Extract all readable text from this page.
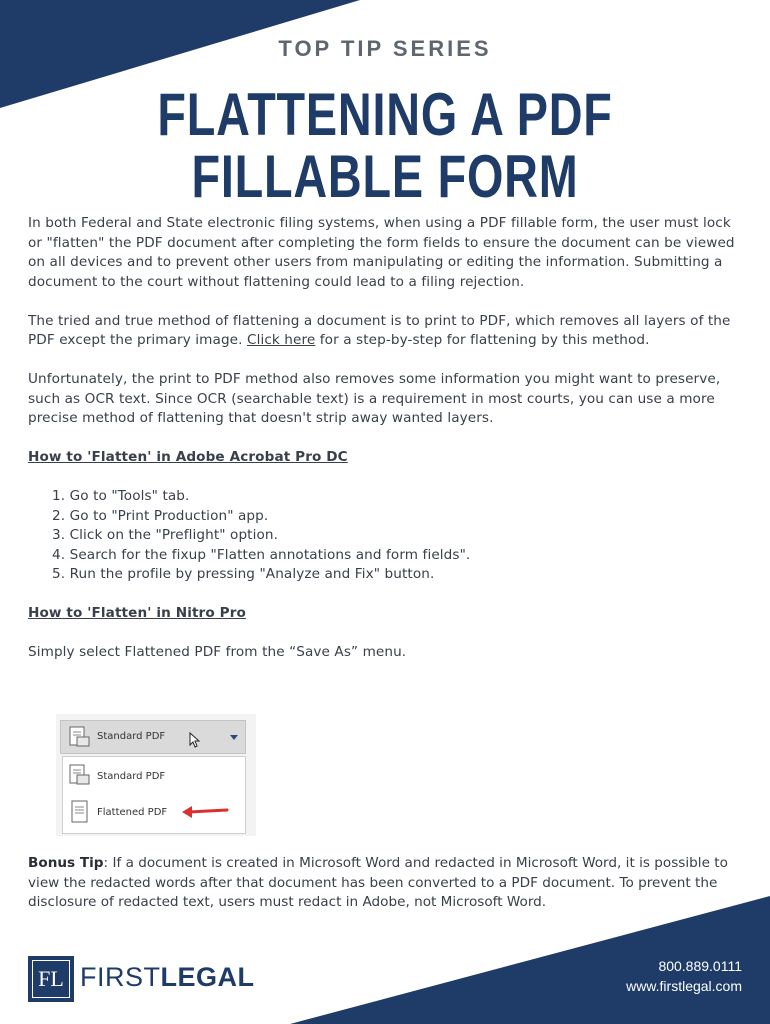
TOP TIP SERIES
FLATTENING A PDF
FILLABLE FORM

In both Federal and State electronic filing systems, when using a PDF fillable form, the user must lock or "flatten" the PDF document after completing the form fields to ensure the document can be viewed on all devices and to prevent other users from manipulating or editing the information. Submitting a document to the court without flattening could lead to a filing rejection.

The tried and true method of flattening a document is to print to PDF, which removes all layers of the PDF except the primary image. Click here for a step-by-step for flattening by this method.

Unfortunately, the print to PDF method also removes some information you might want to preserve, such as OCR text. Since OCR (searchable text) is a requirement in most courts, you can use a more precise method of flattening that doesn't strip away wanted layers.

How to 'Flatten' in Adobe Acrobat Pro DC
1. Go to "Tools" tab.
2. Go to "Print Production" app.
3. Click on the "Preflight" option.
4. Search for the fixup "Flatten annotations and form fields".
5. Run the profile by pressing "Analyze and Fix" button.
How to 'Flatten' in Nitro Pro

Simply select Flattened PDF from the “Save As” menu.

Standard PDF
Standard PDF
Flattened PDF
Bonus Tip: If a document is created in Microsoft Word and redacted in Microsoft Word, it is possible to view the redacted words after that document has been converted to a PDF document. To prevent the disclosure of redacted text, users must redact in Adobe, not Microsoft Word.
FL FIRSTLEGAL	800.889.0111
www.firstlegal.com
